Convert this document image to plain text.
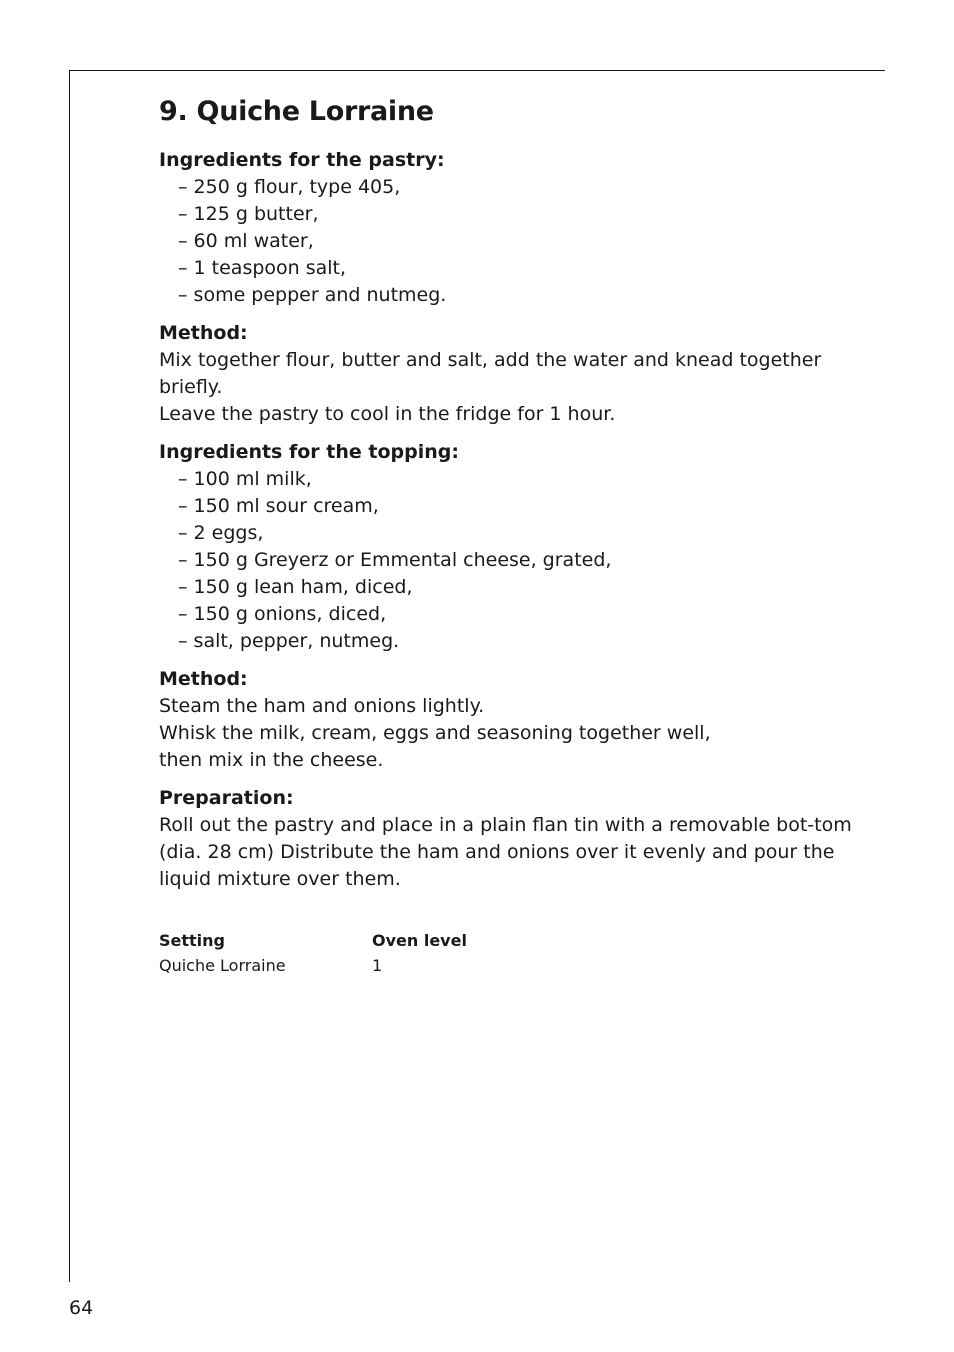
9. Quiche Lorraine
Ingredients for the pastry:
– 250 g flour, type 405,
– 125 g butter,
– 60 ml water,
– 1 teaspoon salt,
– some pepper and nutmeg.
Method:

Mix together flour, butter and salt, add the water and knead together briefly.

Leave the pastry to cool in the fridge for 1 hour.

Ingredients for the topping:
– 100 ml milk,
– 150 ml sour cream,
– 2 eggs,
– 150 g Greyerz or Emmental cheese, grated,
– 150 g lean ham, diced,
– 150 g onions, diced,
– salt, pepper, nutmeg.
Method:

Steam the ham and onions lightly.

Whisk the milk, cream, eggs and seasoning together well,

then mix in the cheese.

Preparation:

Roll out the pastry and place in a plain flan tin with a removable bot-tom (dia. 28 cm) Distribute the ham and onions over it evenly and pour the liquid mixture over them.

Setting	Oven level
Quiche Lorraine	1
64
